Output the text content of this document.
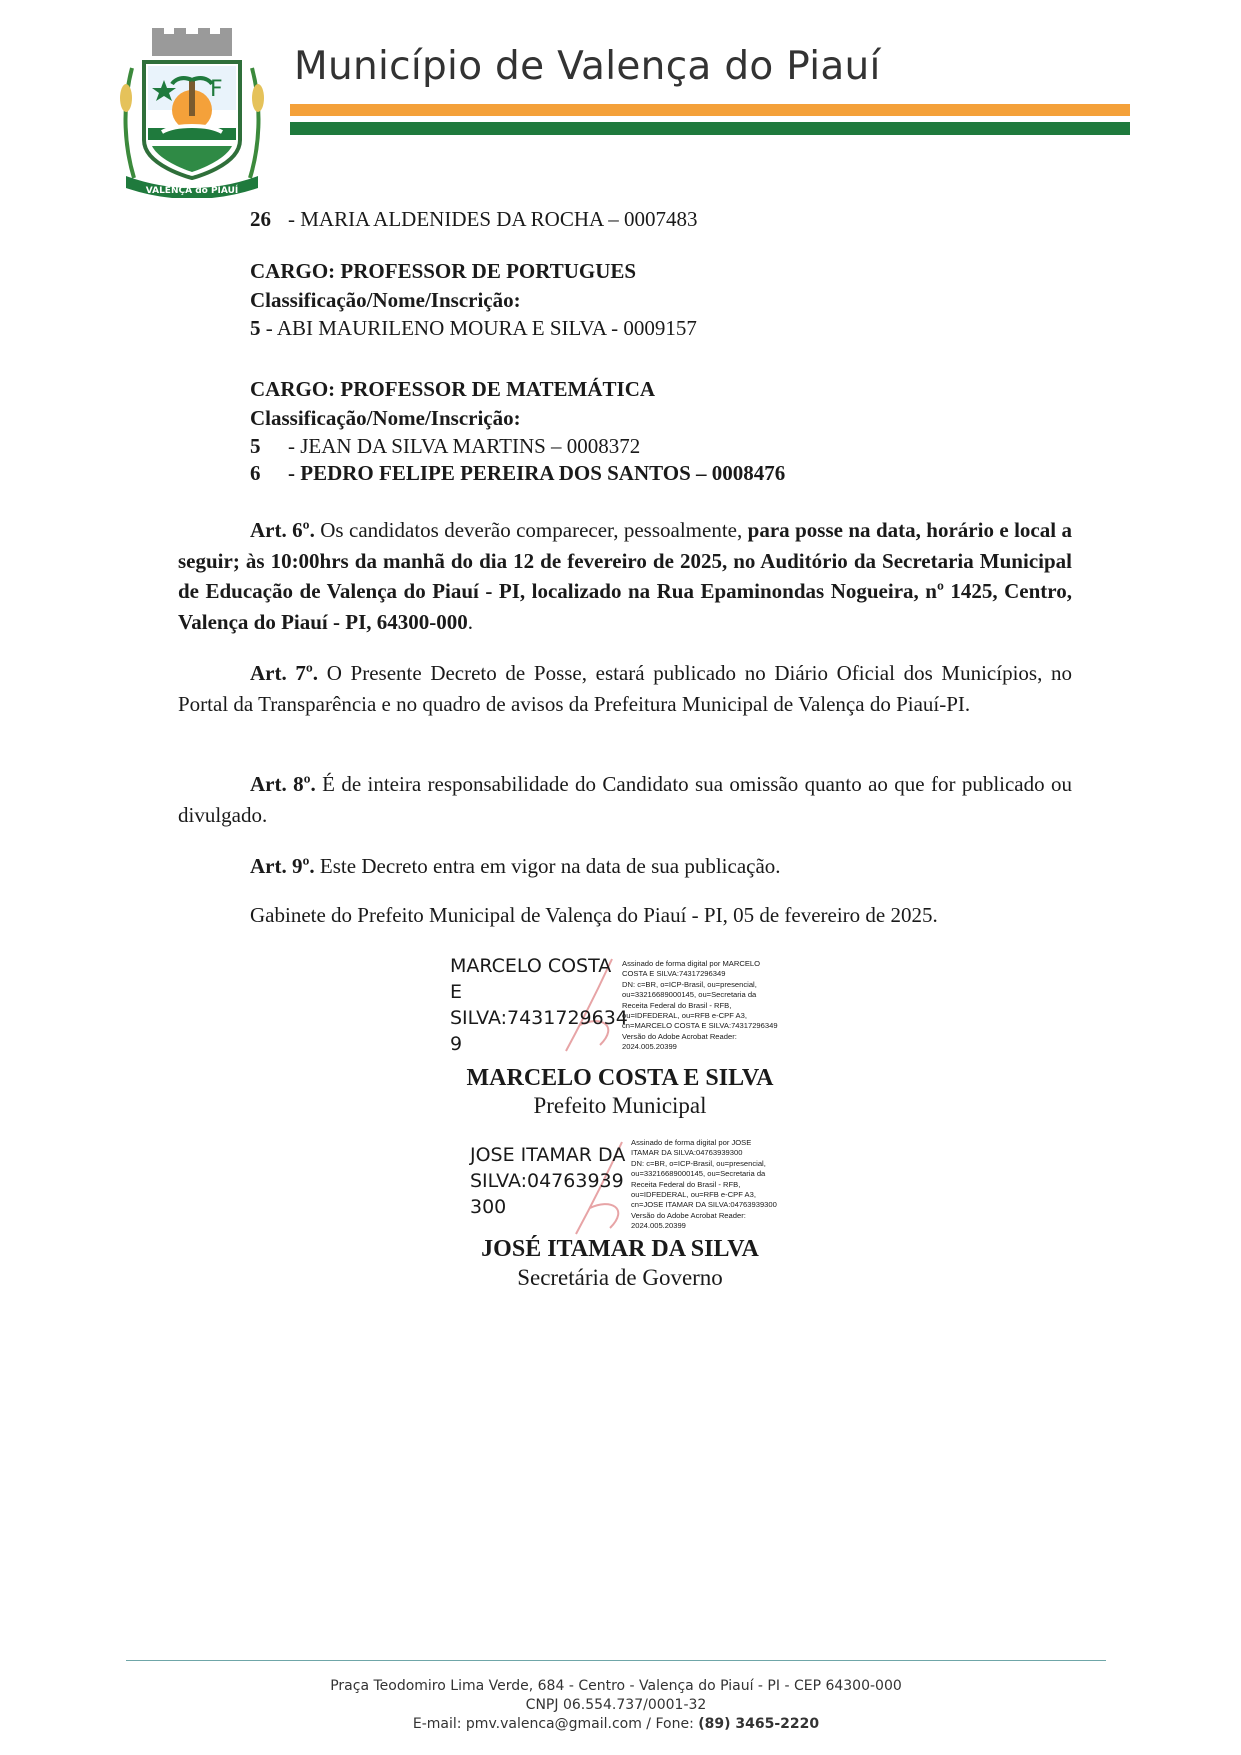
F
VALENÇA do PIAUÍ
Município de Valença do Piauí
26 - MARIA ALDENIDES DA ROCHA – 0007483
CARGO: PROFESSOR DE PORTUGUES
Classificação/Nome/Inscrição:
5 - ABI MAURILENO MOURA E SILVA - 0009157
CARGO: PROFESSOR DE MATEMÁTICA
Classificação/Nome/Inscrição:
5 - JEAN DA SILVA MARTINS – 0008372
6 - PEDRO FELIPE PEREIRA DOS SANTOS – 0008476

Art. 6º. Os candidatos deverão comparecer, pessoalmente, para posse na data, horário e local a seguir; às 10:00hrs da manhã do dia 12 de fevereiro de 2025, no Auditório da Secretaria Municipal de Educação de Valença do Piauí - PI, localizado na Rua Epaminondas Nogueira, nº 1425, Centro, Valença do Piauí - PI, 64300-000.

Art. 7º. O Presente Decreto de Posse, estará publicado no Diário Oficial dos Municípios, no Portal da Transparência e no quadro de avisos da Prefeitura Municipal de Valença do Piauí-PI.

Art. 8º. É de inteira responsabilidade do Candidato sua omissão quanto ao que for publicado ou divulgado.

Art. 9º. Este Decreto entra em vigor na data de sua publicação.

Gabinete do Prefeito Municipal de Valença do Piauí - PI, 05 de fevereiro de 2025.
MARCELO COSTA
E
SILVA:7431729634
9
Assinado de forma digital por MARCELO
COSTA E SILVA:74317296349
DN: c=BR, o=ICP-Brasil, ou=presencial,
ou=33216689000145, ou=Secretaria da
Receita Federal do Brasil - RFB,
ou=IDFEDERAL, ou=RFB e-CPF A3,
cn=MARCELO COSTA E SILVA:74317296349
Versão do Adobe Acrobat Reader:
2024.005.20399
MARCELO COSTA E SILVA
Prefeito Municipal
JOSE ITAMAR DA
SILVA:04763939
300
Assinado de forma digital por JOSE
ITAMAR DA SILVA:04763939300
DN: c=BR, o=ICP-Brasil, ou=presencial,
ou=33216689000145, ou=Secretaria da
Receita Federal do Brasil - RFB,
ou=IDFEDERAL, ou=RFB e-CPF A3,
cn=JOSE ITAMAR DA SILVA:04763939300
Versão do Adobe Acrobat Reader:
2024.005.20399
JOSÉ ITAMAR DA SILVA
Secretária de Governo
Praça Teodomiro Lima Verde, 684 - Centro - Valença do Piauí - PI - CEP 64300-000
CNPJ 06.554.737/0001-32
E-mail: pmv.valenca@gmail.com / Fone: (89) 3465-2220
